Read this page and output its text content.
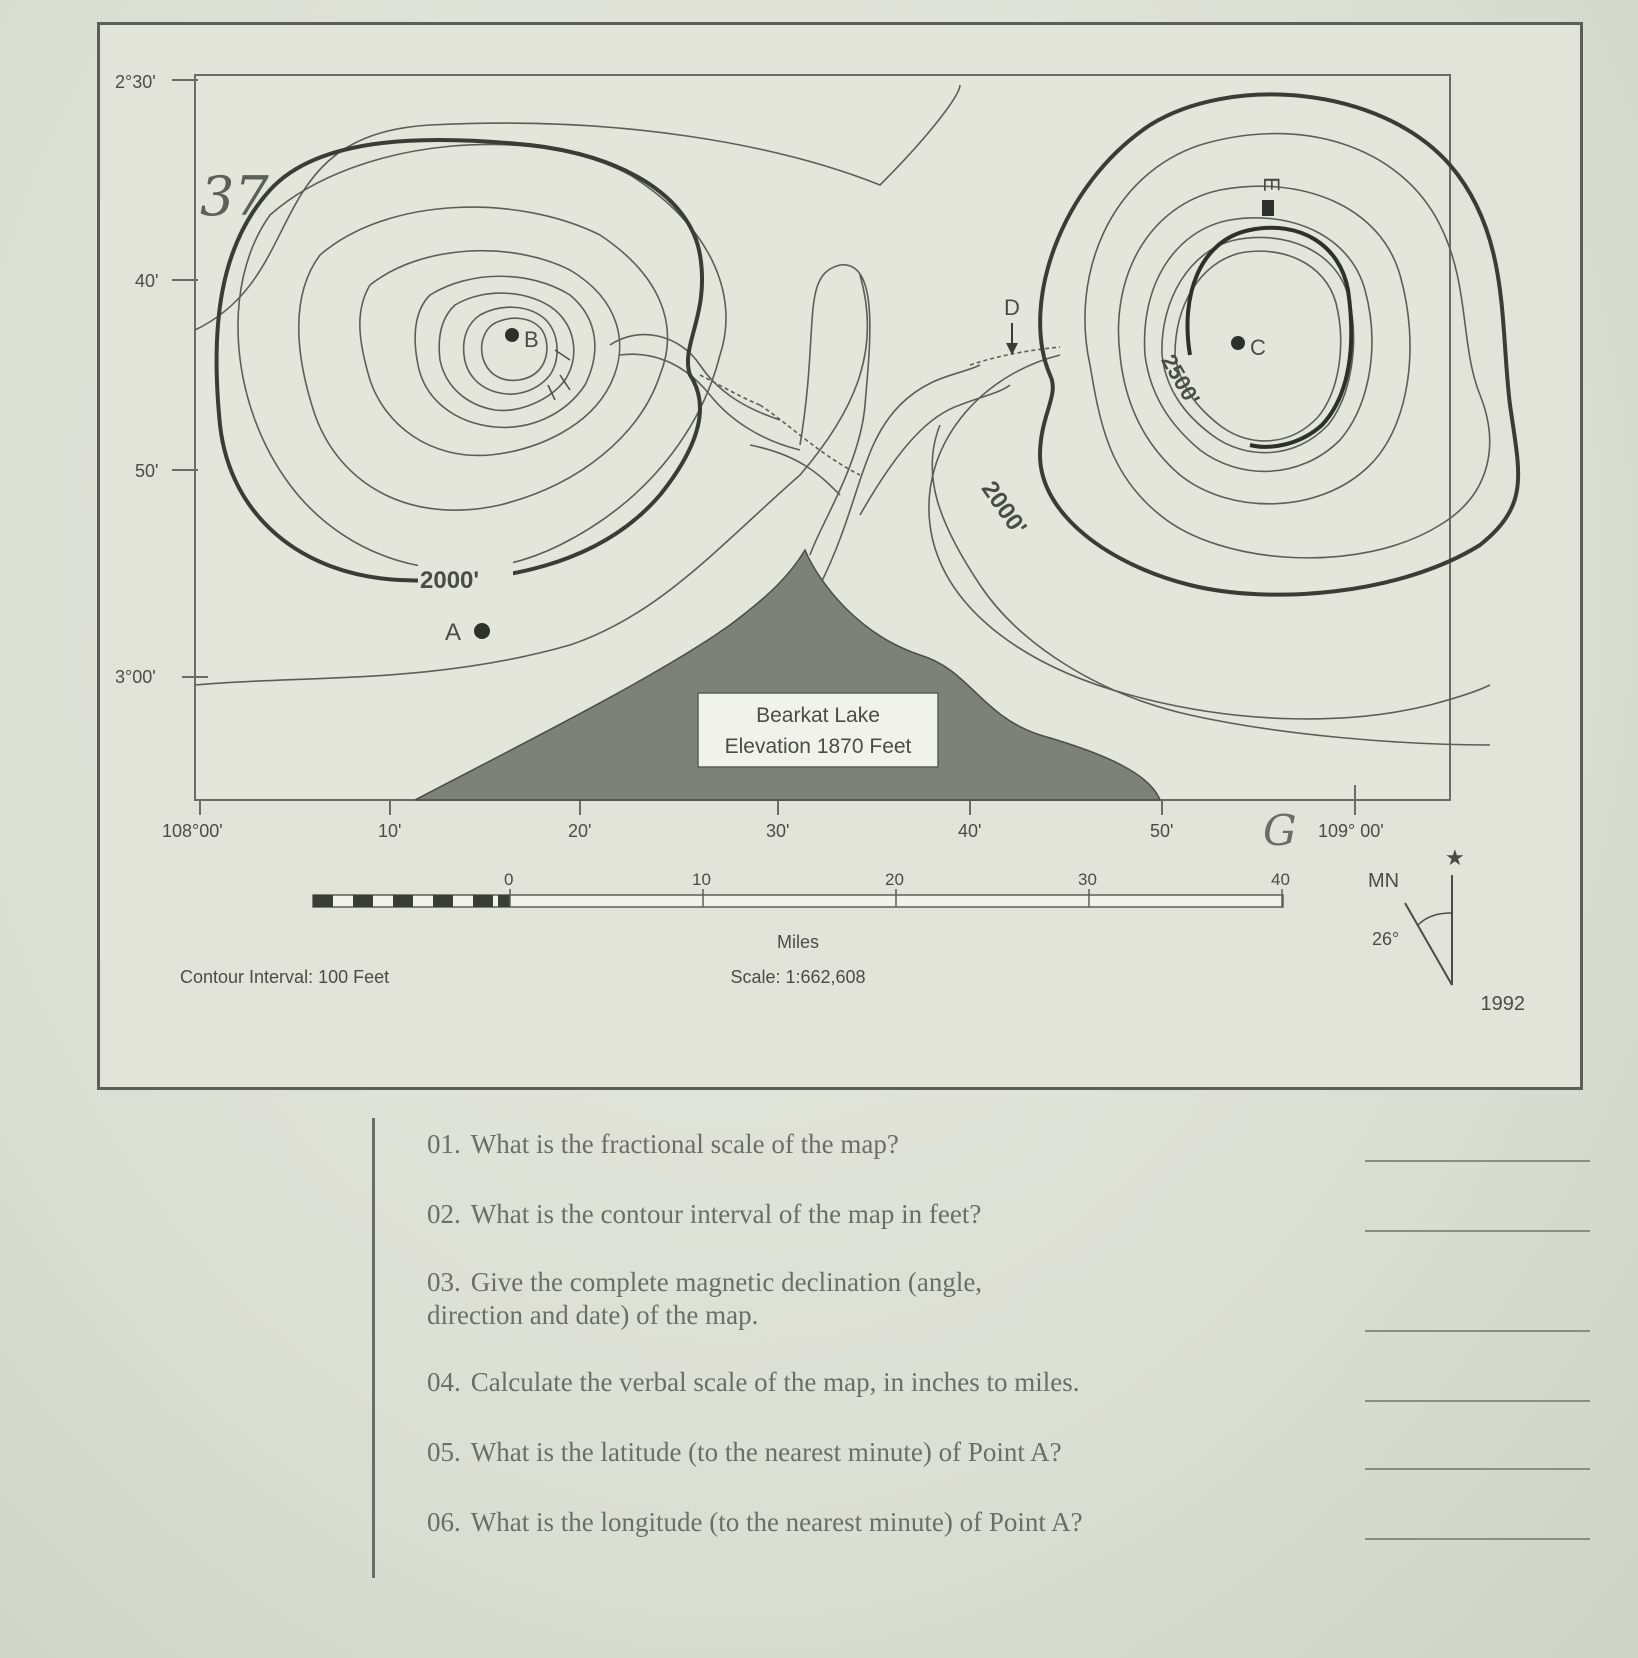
2°30'
40'
50'
3°00'
108°00'	10'	20'	30'	40'	50'	109° 00'
37
G
2000'
B
A
2000'
2500'
C
D
E
Bearkat Lake
Elevation 1870 Feet
0	10	20	30	40
Miles
Scale: 1:662,608
Contour Interval: 100 Feet
MN
★
26°
1992
01. What is the fractional scale of the map?
02. What is the contour interval of the map in feet?
03. Give the complete magnetic declination (angle, direction and date) of the map.
04. Calculate the verbal scale of the map, in inches to miles.
05. What is the latitude (to the nearest minute) of Point A?
06. What is the longitude (to the nearest minute) of Point A?
